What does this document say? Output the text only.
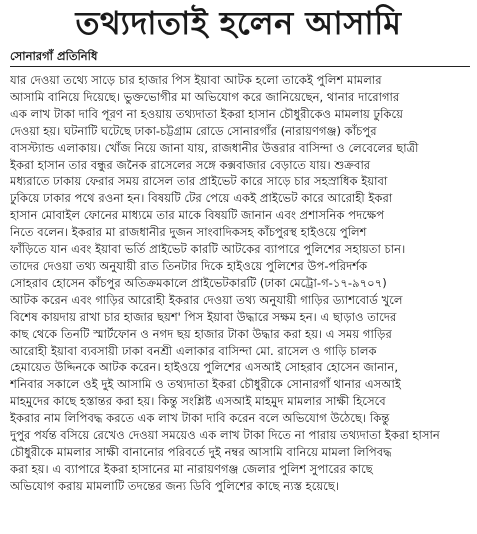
তথ্যদাতাই হলেন আসামি
সোনারগাঁ প্রতিনিধি

যার দেওয়া তথ্যে সাড়ে চার হাজার পিস ইয়াবা আটক হলো তাকেই পুলিশ মামলার
আসামি বানিয়ে দিয়েছে। ভুক্তভোগীর মা অভিযোগ করে জানিয়েছেন, থানার দারোগার
এক লাখ টাকা দাবি পূরণ না হওয়ায় তথ্যদাতা ইকরা হাসান চৌধুরীকেও মামলায় ঢুকিয়ে
দেওয়া হয়। ঘটনাটি ঘটেছে ঢাকা-চট্টগ্রাম রোডে সোনারগাঁর (নারায়ণগঞ্জ) কাঁচপুর
বাসস্ট্যান্ড এলাকায়। খোঁজ নিয়ে জানা যায়, রাজধানীর উত্তরার বাসিন্দা ও লেবেলের ছাত্রী
ইকরা হাসান তার বন্ধুর জনৈক রাসেলের সঙ্গে কক্সবাজার বেড়াতে যায়। শুক্রবার
মধ্যরাতে ঢাকায় ফেরার সময় রাসেল তার প্রাইভেট কারে সাড়ে চার সহস্রাধিক ইয়াবা
ঢুকিয়ে ঢাকার পথে রওনা হন। বিষয়টি টের পেয়ে একই প্রাইভেট কারে আরোহী ইকরা
হাসান মোবাইল ফোনের মাধ্যমে তার মাকে বিষয়টি জানান এবং প্রশাসনিক পদক্ষেপ
নিতে বলেন। ইকরার মা রাজধানীর দুজন সাংবাদিকসহ কাঁচপুরস্থ হাইওয়ে পুলিশ
ফাঁড়িতে যান এবং ইয়াবা ভর্তি প্রাইভেট কারটি আটকের ব্যাপারে পুলিশের সহায়তা চান।
তাদের দেওয়া তথ্য অনুযায়ী রাত তিনটার দিকে হাইওয়ে পুলিশের উপ-পরিদর্শক
সোহরাব হোসেন কাঁচপুর অতিক্রমকালে প্রাইভেটকারটি (ঢাকা মেট্রো-গ-১৭-৯৭০৭)
আটক করেন এবং গাড়ির আরোহী ইকরার দেওয়া তথ্য অনুযায়ী গাড়ির ড্যাশবোর্ড খুলে
বিশেষ কায়দায় রাখা চার হাজার ছয়শ' পিস ইয়াবা উদ্ধারে সক্ষম হন। এ ছাড়াও তাদের
কাছ থেকে তিনটি স্মার্টফোন ও নগদ ছয় হাজার টাকা উদ্ধার করা হয়। এ সময় গাড়ির
আরোহী ইয়াবা ব্যবসায়ী ঢাকা বনশ্রী এলাকার বাসিন্দা মো. রাসেল ও গাড়ি চালক
হেমায়েত উদ্দিনকে আটক করেন। হাইওয়ে পুলিশের এসআই সোহরাব হোসেন জানান,
শনিবার সকালে ওই দুই আসামি ও তথ্যদাতা ইকরা চৌধুরীকে সোনারগাঁ থানার এসআই
মাহমুদের কাছে হস্তান্তর করা হয়। কিন্তু সংশ্লিষ্ট এসআই মাহমুদ মামলার সাক্ষী হিসেবে
ইকরার নাম লিপিবদ্ধ করতে এক লাখ টাকা দাবি করেন বলে অভিযোগ উঠেছে। কিন্তু
দুপুর পর্যন্ত বসিয়ে রেখেও দেওয়া সময়েও এক লাখ টাকা দিতে না পারায় তথ্যদাতা ইকরা হাসান
চৌধুরীকে মামলার সাক্ষী বানানোর পরিবর্তে দুই নম্বর আসামি বানিয়ে মামলা লিপিবদ্ধ
করা হয়। এ ব্যাপারে ইকরা হাসানের মা নারায়ণগঞ্জ জেলার পুলিশ সুপারের কাছে
অভিযোগ করায় মামলাটি তদন্তের জন্য ডিবি পুলিশের কাছে ন্যস্ত হয়েছে।
